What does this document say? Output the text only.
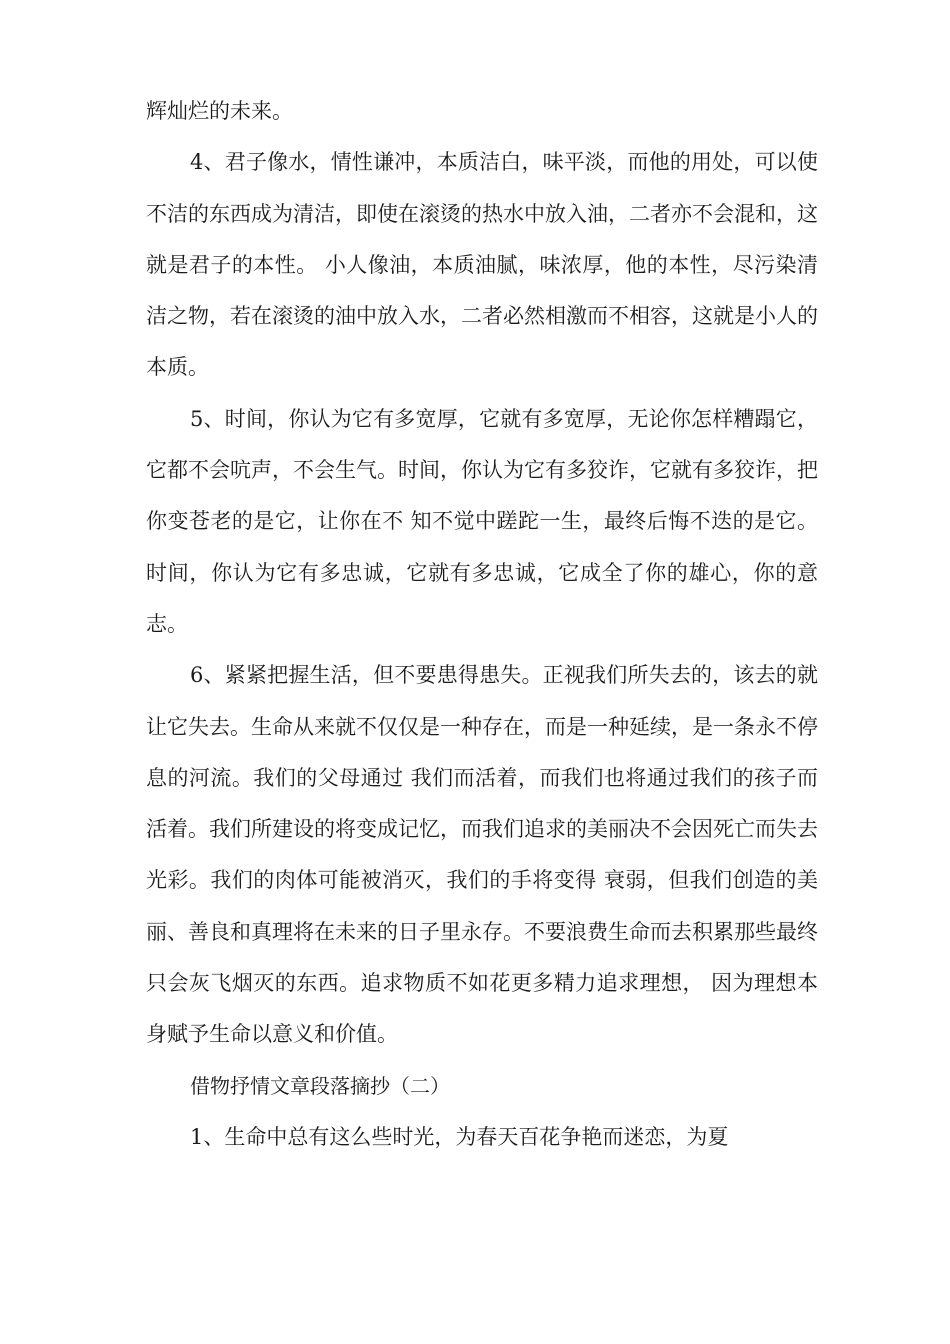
辉灿烂的未来。

4、君子像水，情性谦冲，本质洁白，味平淡，而他的用处，可以使不洁的东西成为清洁，即使在滚烫的热水中放入油，二者亦不会混和，这就是君子的本性。 小人像油，本质油腻，味浓厚，他的本性，尽污染清洁之物，若在滚烫的油中放入水，二者必然相激而不相容，这就是小人的本质。

5、时间，你认为它有多宽厚，它就有多宽厚，无论你怎样糟蹋它，它都不会吭声，不会生气。时间，你认为它有多狡诈，它就有多狡诈，把你变苍老的是它，让你在不 知不觉中蹉跎一生，最终后悔不迭的是它。时间，你认为它有多忠诚，它就有多忠诚，它成全了你的雄心，你的意志。

6、紧紧把握生活，但不要患得患失。正视我们所失去的，该去的就让它失去。生命从来就不仅仅是一种存在，而是一种延续，是一条永不停息的河流。我们的父母通过 我们而活着，而我们也将通过我们的孩子而活着。我们所建设的将变成记忆，而我们追求的美丽决不会因死亡而失去光彩。我们的肉体可能被消灭，我们的手将变得 衰弱，但我们创造的美丽、善良和真理将在未来的日子里永存。不要浪费生命而去积累那些最终只会灰飞烟灭的东西。追求物质不如花更多精力追求理想， 因为理想本身赋予生命以意义和价值。

借物抒情文章段落摘抄（二）

1、生命中总有这么些时光，为春天百花争艳而迷恋，为夏
